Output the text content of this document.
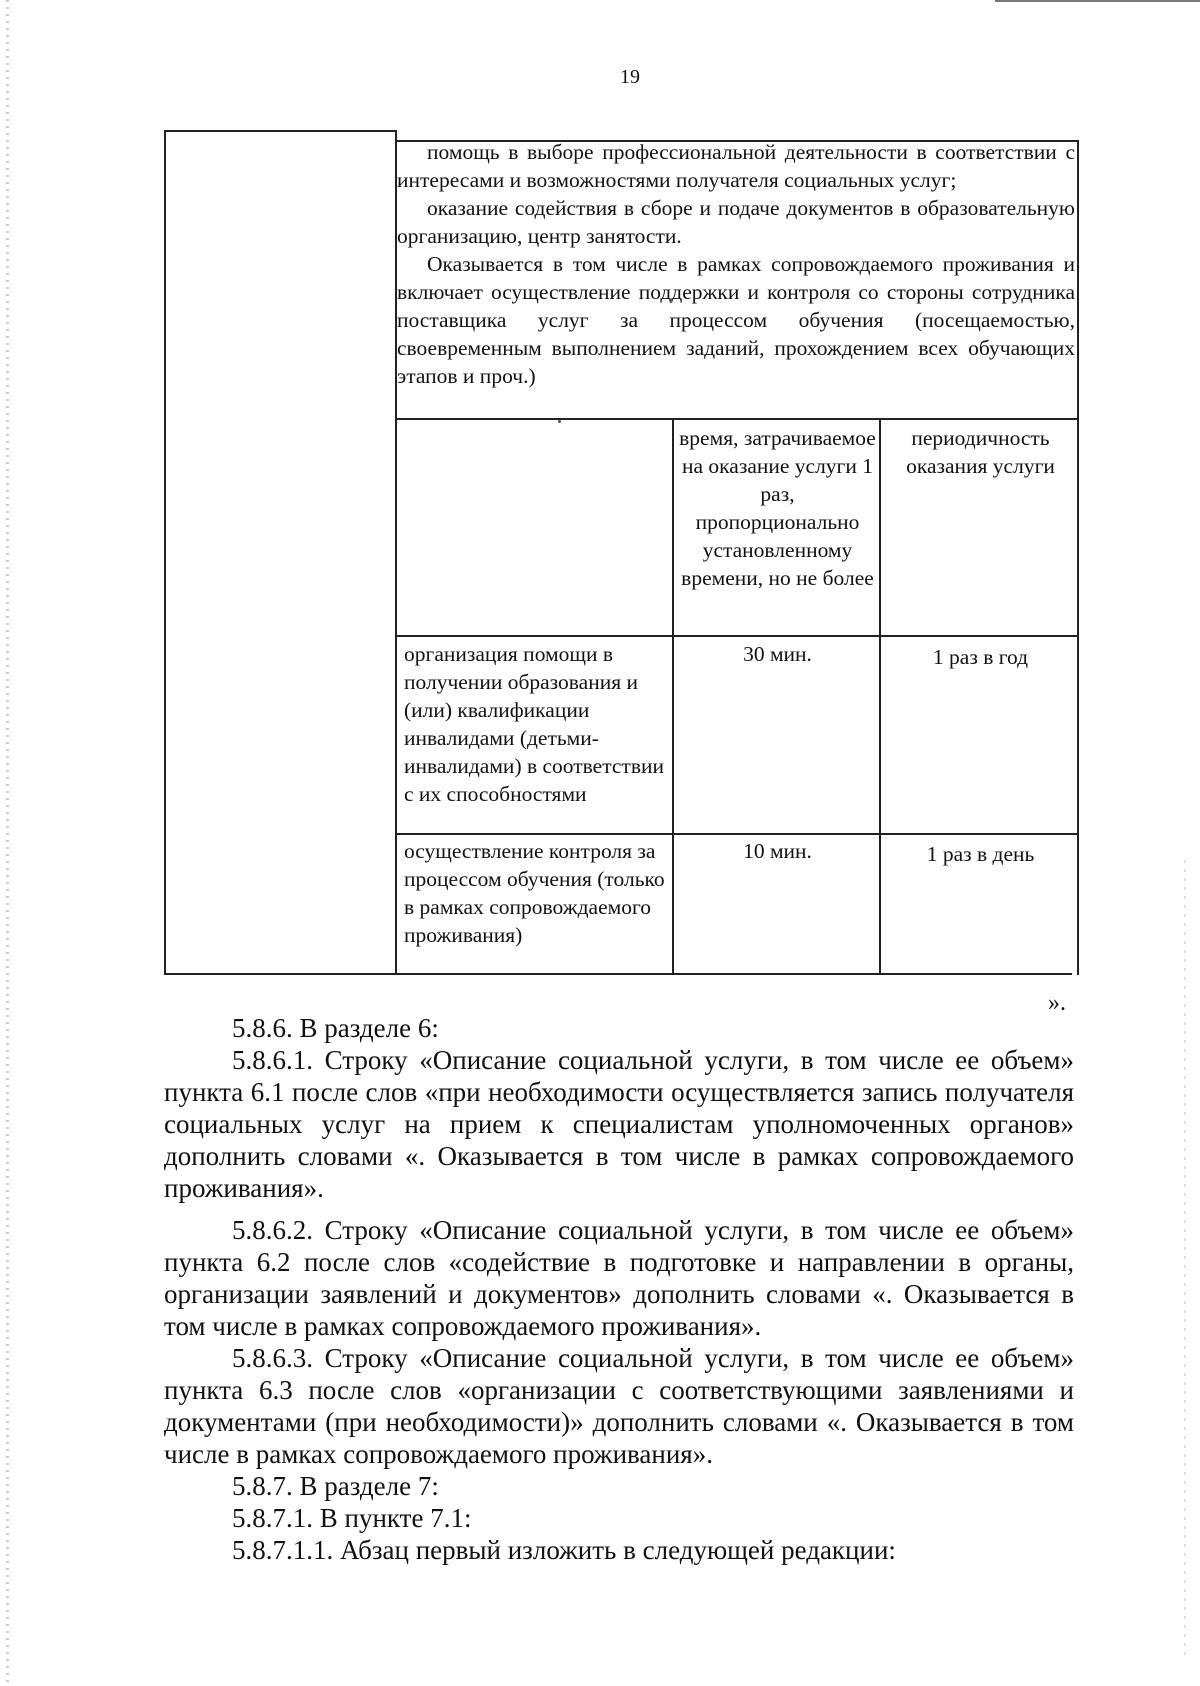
19

помощь в выборе профессиональной деятельности в соответствии с интересами и возможностями получателя социальных услуг;

оказание содействия в сборе и подаче документов в образовательную организацию, центр занятости.

Оказывается в том числе в рамках сопровождаемого проживания и включает осуществление поддержки и контроля со стороны сотрудника поставщика услуг за процессом обучения (посещаемостью, своевременным выполнением заданий, прохождением всех обучающих этапов и проч.)

время, затрачиваемое на оказание услуги 1 раз, пропорционально установленному времени, но не более
периодичность оказания услуги
организация помощи в получении образования и (или) квалификации инвалидами (детьми-инвалидами) в соответствии с их способностями
30 мин.	1 раз в год
осуществление контроля за процессом обучения (только в рамках сопровождаемого проживания)
10 мин.	1 раз в день
».

5.8.6. В разделе 6:

5.8.6.1. Строку «Описание социальной услуги, в том числе ее объем» пункта 6.1 после слов «при необходимости осуществляется запись получателя социальных услуг на прием к специалистам уполномоченных органов» дополнить словами «. Оказывается в том числе в рамках сопровождаемого проживания».

5.8.6.2. Строку «Описание социальной услуги, в том числе ее объем» пункта 6.2 после слов «содействие в подготовке и направлении в органы, организации заявлений и документов» дополнить словами «. Оказывается в том числе в рамках сопровождаемого проживания».

5.8.6.3. Строку «Описание социальной услуги, в том числе ее объем» пункта 6.3 после слов «организации с соответствующими заявлениями и документами (при необходимости)» дополнить словами «. Оказывается в том числе в рамках сопровождаемого проживания».

5.8.7. В разделе 7:

5.8.7.1. В пункте 7.1:

5.8.7.1.1. Абзац первый изложить в следующей редакции:
